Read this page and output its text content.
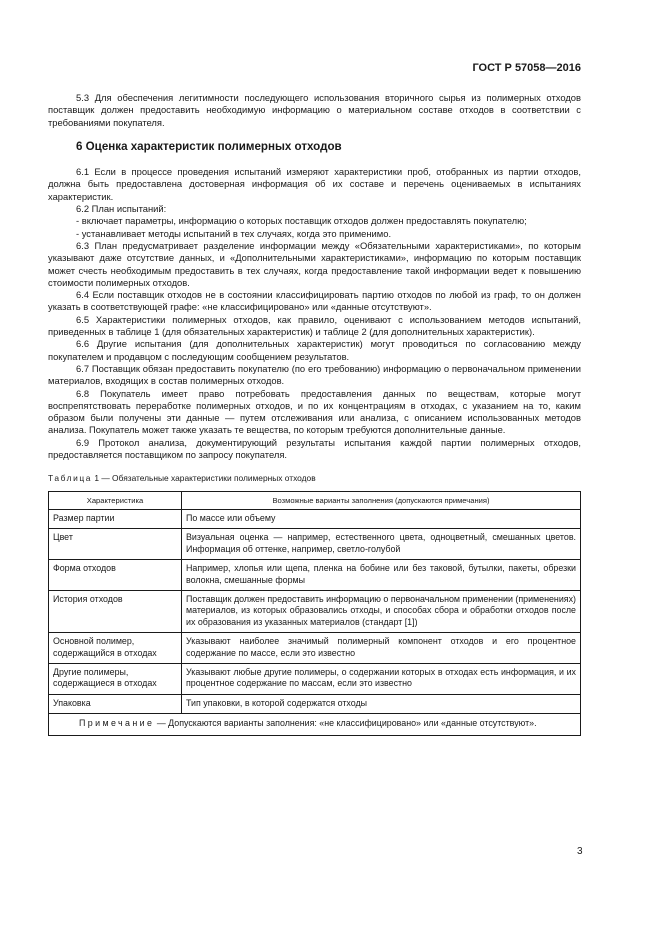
ГОСТ Р 57058—2016

5.3 Для обеспечения легитимности последующего использования вторичного сырья из полимерных отходов поставщик должен предоставить необходимую информацию о материальном составе отходов в соответствии с требованиями покупателя.

6 Оценка характеристик полимерных отходов

6.1 Если в процессе проведения испытаний измеряют характеристики проб, отобранных из партии отходов, должна быть предоставлена достоверная информация об их составе и перечень оцениваемых в испытаниях характеристик.

6.2 План испытаний:

- включает параметры, информацию о которых поставщик отходов должен предоставлять покупателю;

- устанавливает методы испытаний в тех случаях, когда это применимо.

6.3 План предусматривает разделение информации между «Обязательными характеристиками», по которым указывают даже отсутствие данных, и «Дополнительными характеристиками», информацию по которым поставщик может счесть необходимым предоставить в тех случаях, когда предоставление такой информации ведет к повышению стоимости полимерных отходов.

6.4 Если поставщик отходов не в состоянии классифицировать партию отходов по любой из граф, то он должен указать в соответствующей графе: «не классифицировано» или «данные отсутствуют».

6.5 Характеристики полимерных отходов, как правило, оценивают с использованием методов испытаний, приведенных в таблице 1 (для обязательных характеристик) и таблице 2 (для дополнительных характеристик).

6.6 Другие испытания (для дополнительных характеристик) могут проводиться по согласованию между покупателем и продавцом с последующим сообщением результатов.

6.7 Поставщик обязан предоставить покупателю (по его требованию) информацию о первоначальном применении материалов, входящих в состав полимерных отходов.

6.8 Покупатель имеет право потребовать предоставления данных по веществам, которые могут воспрепятствовать переработке полимерных отходов, и по их концентрациям в отходах, с указанием на то, каким образом были получены эти данные — путем отслеживания или анализа, с описанием использованных методов анализа. Покупатель может также указать те вещества, по которым требуются дополнительные данные.

6.9 Протокол анализа, документирующий результаты испытания каждой партии полимерных отходов, предоставляется поставщиком по запросу покупателя.

Таблица 1 — Обязательные характеристики полимерных отходов
Характеристика	Возможные варианты заполнения (допускаются примечания)
Размер партии	По массе или объему
Цвет	Визуальная оценка — например, естественного цвета, одноцветный, смешанных цветов. Информация об оттенке, например, светло-голубой
Форма отходов	Например, хлопья или щепа, пленка на бобине или без таковой, бутылки, пакеты, обрезки волокна, смешанные формы
История отходов	Поставщик должен предоставить информацию о первоначальном применении (применениях) материалов, из которых образовались отходы, и способах сбора и обработки отходов после их образования из указанных материалов (стандарт [1])
Основной полимер, содержащийся в отходах	Указывают наиболее значимый полимерный компонент отходов и его процентное содержание по массе, если это известно
Другие полимеры, содержащиеся в отходах	Указывают любые другие полимеры, о содержании которых в отходах есть информация, и их процентное содержание по массам, если это известно
Упаковка	Тип упаковки, в которой содержатся отходы
Примечание — Допускаются варианты заполнения: «не классифицировано» или «данные отсутствуют».	
3
